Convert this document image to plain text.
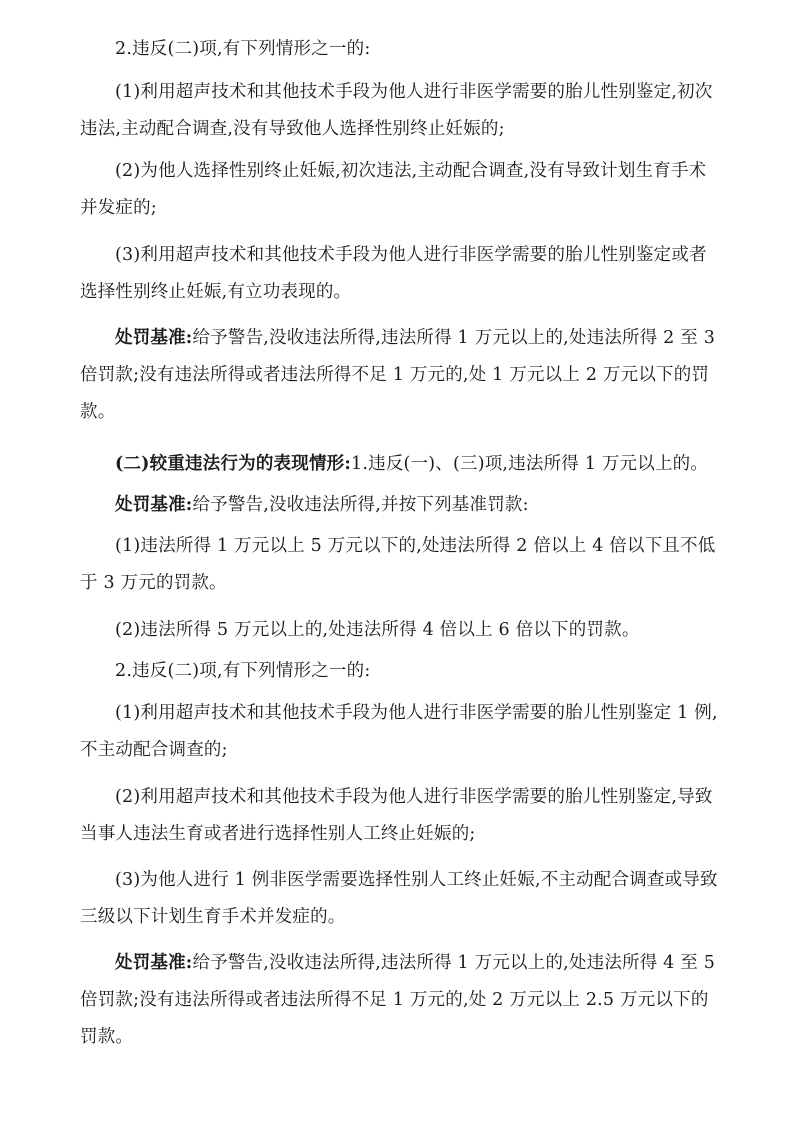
2.违反(二)项,有下列情形之一的:

(1)利用超声技术和其他技术手段为他人进行非医学需要的胎儿性别鉴定,初次违法,主动配合调查,没有导致他人选择性别终止妊娠的;

(2)为他人选择性别终止妊娠,初次违法,主动配合调查,没有导致计划生育手术并发症的;

(3)利用超声技术和其他技术手段为他人进行非医学需要的胎儿性别鉴定或者选择性别终止妊娠,有立功表现的。

处罚基准:给予警告,没收违法所得,违法所得 1 万元以上的,处违法所得 2 至 3 倍罚款;没有违法所得或者违法所得不足 1 万元的,处 1 万元以上 2 万元以下的罚款。

(二)较重违法行为的表现情形:1.违反(一)、(三)项,违法所得 1 万元以上的。

处罚基准:给予警告,没收违法所得,并按下列基准罚款:

(1)违法所得 1 万元以上 5 万元以下的,处违法所得 2 倍以上 4 倍以下且不低于 3 万元的罚款。

(2)违法所得 5 万元以上的,处违法所得 4 倍以上 6 倍以下的罚款。

2.违反(二)项,有下列情形之一的:

(1)利用超声技术和其他技术手段为他人进行非医学需要的胎儿性别鉴定 1 例,不主动配合调查的;

(2)利用超声技术和其他技术手段为他人进行非医学需要的胎儿性别鉴定,导致当事人违法生育或者进行选择性别人工终止妊娠的;

(3)为他人进行 1 例非医学需要选择性别人工终止妊娠,不主动配合调查或导致三级以下计划生育手术并发症的。

处罚基准:给予警告,没收违法所得,违法所得 1 万元以上的,处违法所得 4 至 5 倍罚款;没有违法所得或者违法所得不足 1 万元的,处 2 万元以上 2.5 万元以下的罚款。
